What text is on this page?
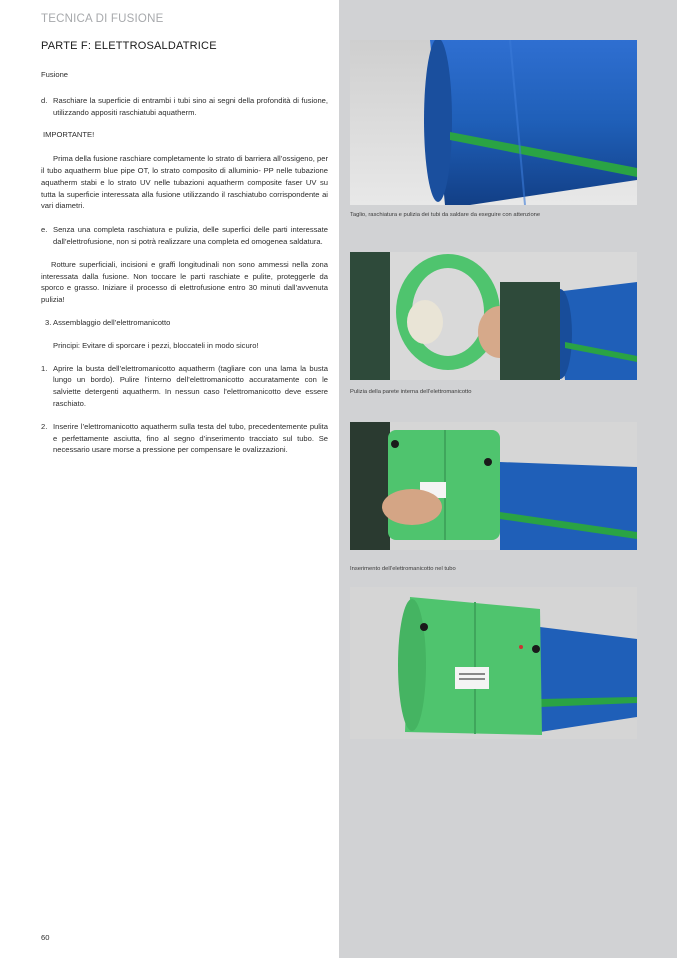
TECNICA DI FUSIONE
PARTE F: ELETTROSALDATRICE

Fusione

d. Raschiare la superficie di entrambi i tubi sino ai segni della profondità di fusione, utilizzando appositi raschiatubi aquatherm.

IMPORTANTE!

Prima della fusione raschiare completamente lo strato di barriera all’ossigeno, per il tubo aquatherm blue pipe OT, lo strato composito di alluminio- PP nelle tubazione aquatherm stabi e lo strato UV nelle tubazioni aquatherm composite faser UV su tutta la superficie interessata alla fusione utilizzando il raschiatubo corrispondente ai vari diametri.

e. Senza una completa raschiatura e pulizia, delle superfici delle parti interessate dall’elettrofusione, non si potrà realizzare una completa ed omogenea saldatura.

Rotture superficiali, incisioni e graffi longitudinali non sono ammessi nella zona interessata dalla fusione. Non toccare le parti raschiate e pulite, proteggerle da sporco e grasso. Iniziare il processo di elettrofusione entro 30 minuti dall’avvenuta pulizia!

3. Assemblaggio dell’elettromanicotto

Principi: Evitare di sporcare i pezzi, bloccateli in modo sicuro!

1. Aprire la busta dell’elettromanicotto aquatherm (tagliare con una lama la busta lungo un bordo). Pulire l’interno dell’elettromanicotto accuratamente con le salviette detergenti aquatherm. In nessun caso l’elettromanicotto deve essere raschiato.
2. Inserire l’elettromanicotto aquatherm sulla testa del tubo, precedentemente pulita e perfettamente asciutta, fino al segno d’inserimento tracciato sul tubo. Se necessario usare morse a pressione per compensare le ovalizzazioni.
Taglio, raschiatura e pulizia dei tubi da saldare da eseguire con attenzione
Pulizia della parete interna dell’elettromanicotto
Inserimento dell’elettromanicotto nel tubo
60
